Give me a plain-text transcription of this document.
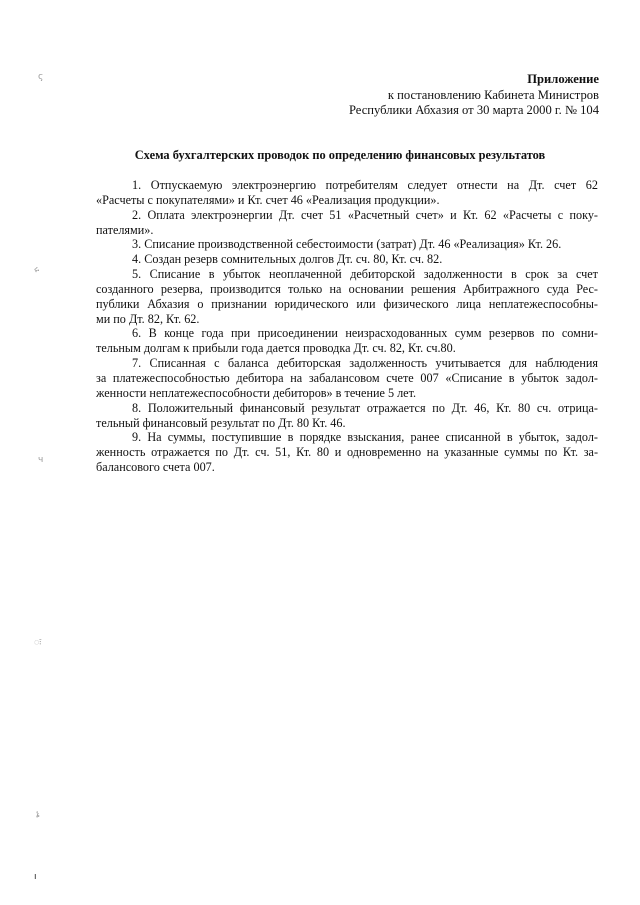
ς
ሩ
ч
ः
ኔ
ı
Приложение
к постановлению Кабинета Министров
Республики Абхазия от 30 марта 2000 г. № 104
Схема бухгалтерских проводок по определению финансовых результатов

1. Отпускаемую электроэнергию потребителям следует отнести на Дт. счет 62
«Расчеты с покупателями» и Кт. счет 46 «Реализация продукции».

2. Оплата электроэнергии Дт. счет 51 «Расчетный счет» и Кт. 62 «Расчеты с поку-
пателями».

3. Списание производственной себестоимости (затрат) Дт. 46 «Реализация» Кт. 26.

4. Создан резерв сомнительных долгов Дт. сч. 80, Кт. сч. 82.

5. Списание в убыток неоплаченной дебиторской задолженности в срок за счет
созданного резерва, производится только на основании решения Арбитражного суда Рес-
публики Абхазия о признании юридического или физического лица неплатежеспособны-
ми по Дт. 82, Кт. 62.

6. В конце года при присоединении неизрасходованных сумм резервов по сомни-
тельным долгам к прибыли года дается проводка Дт. сч. 82, Кт. сч.80.

7. Списанная с баланса дебиторская задолженность учитывается для наблюдения
за платежеспособностью дебитора на забалансовом счете 007 «Списание в убыток задол-
женности неплатежеспособности дебиторов» в течение 5 лет.

8. Положительный финансовый результат отражается по Дт. 46, Кт. 80 сч. отрица-
тельный финансовый результат по Дт. 80 Кт. 46.

9. На суммы, поступившие в порядке взыскания, ранее списанной в убыток, задол-
женность отражается по Дт. сч. 51, Кт. 80 и одновременно на указанные суммы по Кт. за-
балансового счета 007.
